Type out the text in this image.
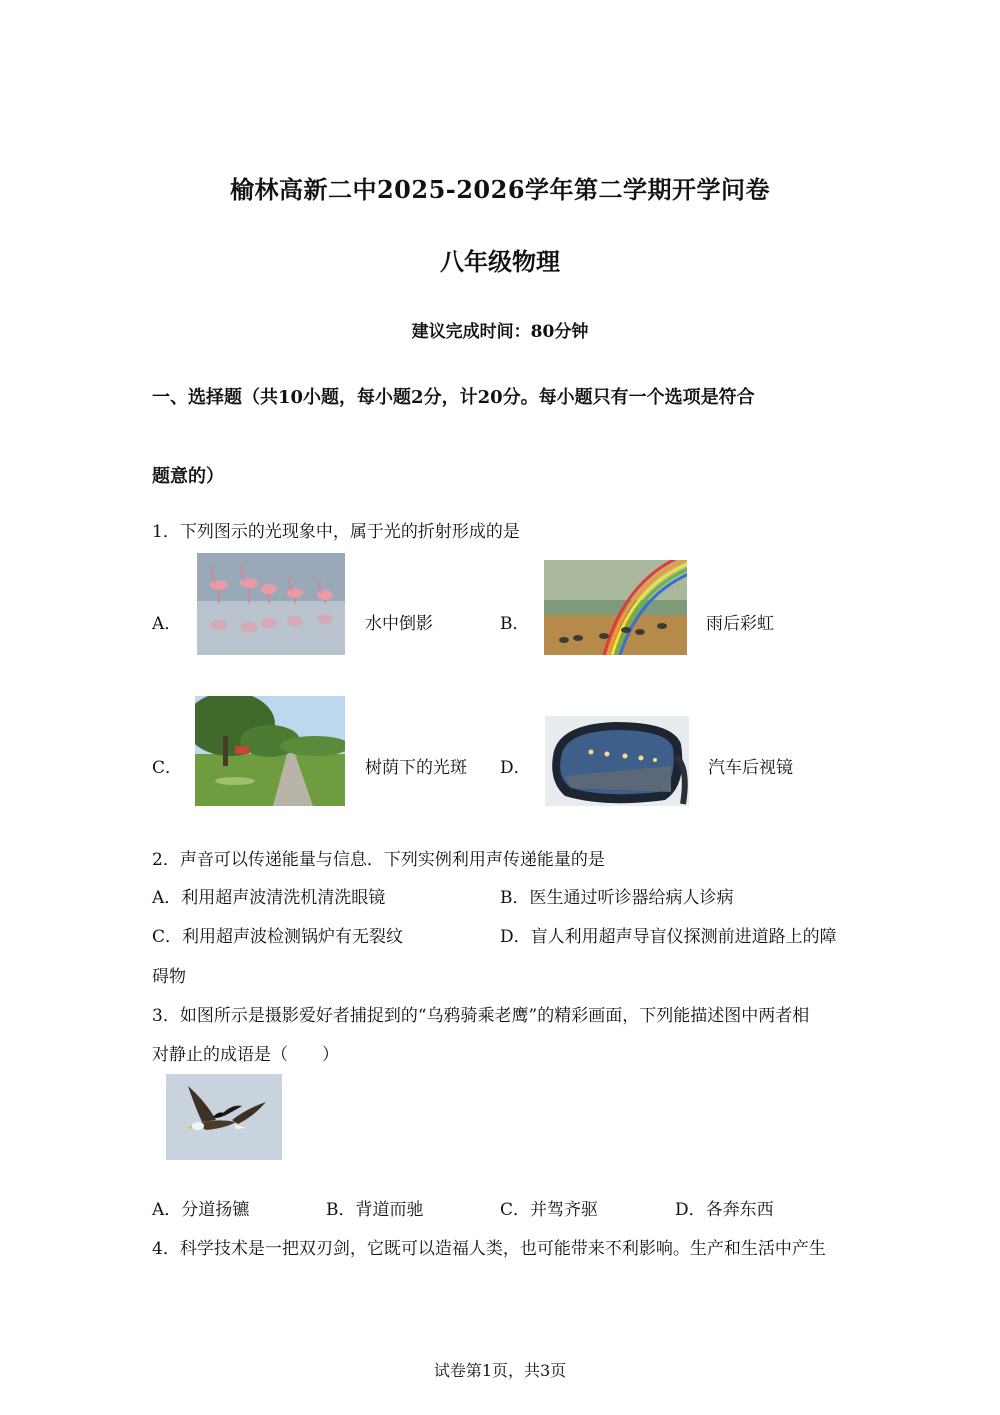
榆林高新二中2025-2026学年第二学期开学问卷
八年级物理
建议完成时间：80分钟
一、选择题（共10小题，每小题2分，计20分。每小题只有一个选项是符合
题意的）
1．下列图示的光现象中，属于光的折射形成的是
A．	水中倒影	B．	雨后彩虹
C．	树荫下的光斑 D．	汽车后视镜
2．声音可以传递能量与信息．下列实例利用声传递能量的是
A．利用超声波清洗机清洗眼镜	B．医生通过听诊器给病人诊病
C．利用超声波检测锅炉有无裂纹	D．盲人利用超声导盲仪探测前进道路上的障
碍物
3．如图所示是摄影爱好者捕捉到的“乌鸦骑乘老鹰”的精彩画面，下列能描述图中两者相
对静止的成语是（　　）
A．分道扬镳	B．背道而驰	C．并驾齐驱	D．各奔东西
4．科学技术是一把双刃剑，它既可以造福人类，也可能带来不利影响。生产和生活中产生
试卷第1页，共3页
